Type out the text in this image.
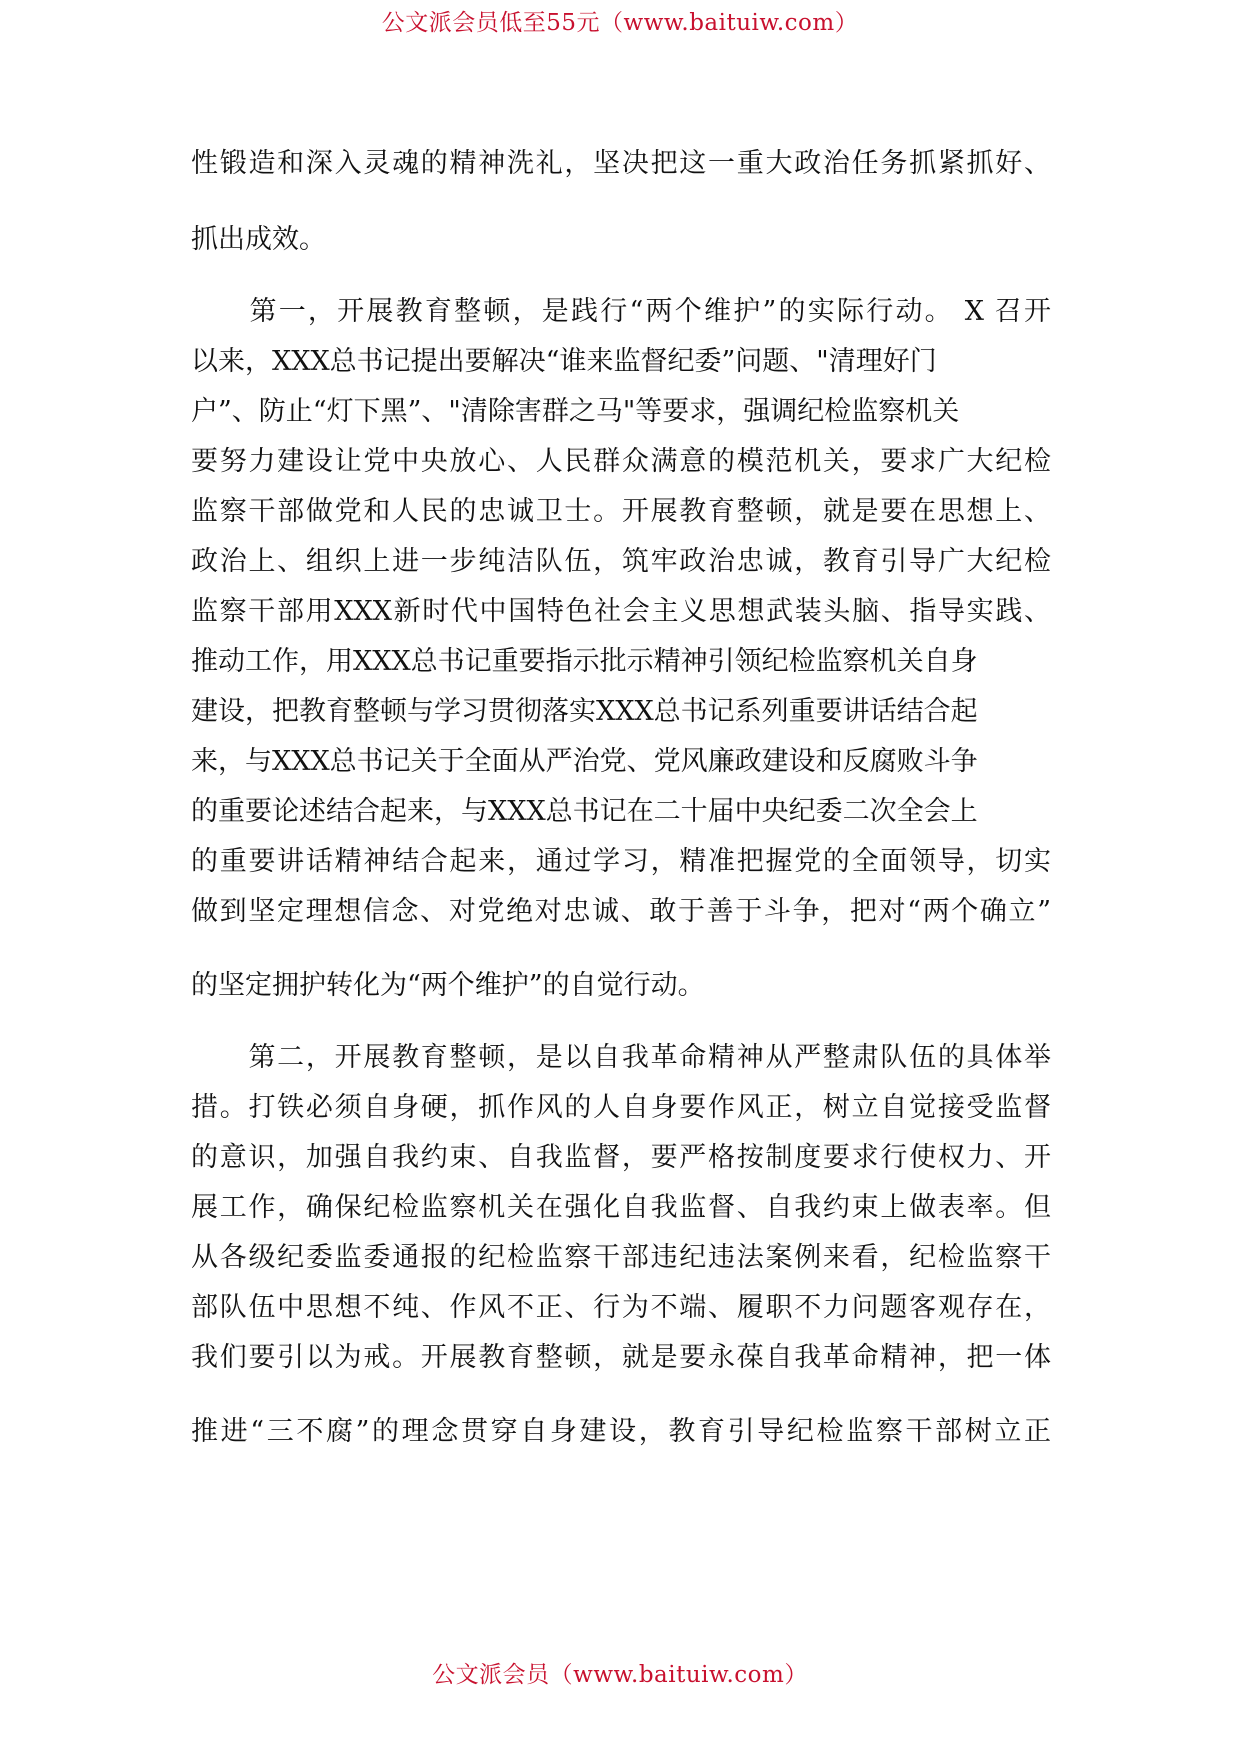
公文派会员低至55元（www.baituiw.com）
性锻造和深入灵魂的精神洗礼，坚决把这一重大政治任务抓紧抓好、
抓出成效。
　　第一，开展教育整顿，是践行“两个维护”的实际行动。 X 召开
以来，XXX总书记提出要解决“谁来监督纪委”问题、"清理好门
户”、防止“灯下黑”、"清除害群之马"等要求，强调纪检监察机关
要努力建设让党中央放心、人民群众满意的模范机关，要求广大纪检
监察干部做党和人民的忠诚卫士。开展教育整顿，就是要在思想上、
政治上、组织上进一步纯洁队伍，筑牢政治忠诚，教育引导广大纪检
监察干部用XXX新时代中国特色社会主义思想武装头脑、指导实践、
推动工作，用XXX总书记重要指示批示精神引领纪检监察机关自身
建设，把教育整顿与学习贯彻落实XXX总书记系列重要讲话结合起
来，与XXX总书记关于全面从严治党、党风廉政建设和反腐败斗争
的重要论述结合起来，与XXX总书记在二十届中央纪委二次全会上
的重要讲话精神结合起来，通过学习，精准把握党的全面领导，切实
做到坚定理想信念、对党绝对忠诚、敢于善于斗争，把对“两个确立”
的坚定拥护转化为“两个维护”的自觉行动。
　　第二，开展教育整顿，是以自我革命精神从严整肃队伍的具体举
措。打铁必须自身硬，抓作风的人自身要作风正，树立自觉接受监督
的意识，加强自我约束、自我监督，要严格按制度要求行使权力、开
展工作，确保纪检监察机关在强化自我监督、自我约束上做表率。但
从各级纪委监委通报的纪检监察干部违纪违法案例来看，纪检监察干
部队伍中思想不纯、作风不正、行为不端、履职不力问题客观存在，
我们要引以为戒。开展教育整顿，就是要永葆自我革命精神，把一体
推进“三不腐”的理念贯穿自身建设，教育引导纪检监察干部树立正
公文派会员（www.baituiw.com）
